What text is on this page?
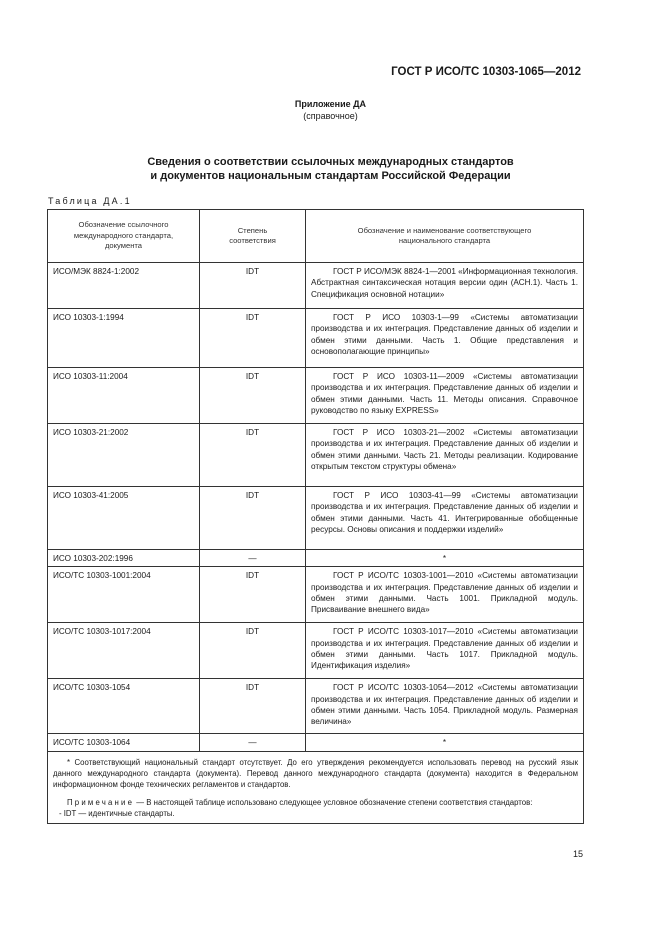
ГОСТ Р ИСО/ТС 10303-1065—2012
Приложение ДА
(справочное)
Сведения о соответствии ссылочных международных стандартов
и документов национальным стандартам Российской Федерации
Таблица ДА.1
Обозначение ссылочного международного стандарта, документа	Степень соответствия	Обозначение и наименование соответствующего национального стандарта
ИСО/МЭК 8824-1:2002	IDT	ГОСТ Р ИСО/МЭК 8824-1—2001 «Информационная технология. Абстрактная синтаксическая нотация версии один (АСН.1). Часть 1. Спецификация основной нотации»

ИСО 10303-1:1994	IDT	ГОСТ Р ИСО 10303-1—99 «Системы автоматизации производства и их интеграция. Представление данных об изделии и обмен этими данными. Часть 1. Общие представления и основополагающие принципы»

ИСО 10303-11:2004	IDT	ГОСТ Р ИСО 10303-11—2009 «Системы автоматизации производства и их интеграция. Представление данных об изделии и обмен этими данными. Часть 11. Методы описания. Справочное руководство по языку EXPRESS»

ИСО 10303-21:2002	IDT	ГОСТ Р ИСО 10303-21—2002 «Системы автоматизации производства и их интеграция. Представление данных об изделии и обмен этими данными. Часть 21. Методы реализации. Кодирование открытым текстом структуры обмена»

ИСО 10303-41:2005	IDT	ГОСТ Р ИСО 10303-41—99 «Системы автоматизации производства и их интеграция. Представление данных об изделии и обмен этими данными. Часть 41. Интегрированные обобщенные ресурсы. Основы описания и поддержки изделий»

ИСО 10303-202:1996	—	*

ИСО/ТС 10303-1001:2004	IDT	ГОСТ Р ИСО/ТС 10303-1001—2010 «Системы автоматизации производства и их интеграция. Представление данных об изделии и обмен этими данными. Часть 1001. Прикладной модуль. Присваивание внешнего вида»

ИСО/ТС 10303-1017:2004	IDT	ГОСТ Р ИСО/ТС 10303-1017—2010 «Системы автоматизации производства и их интеграция. Представление данных об изделии и обмен этими данными. Часть 1017. Прикладной модуль. Идентификация изделия»

ИСО/ТС 10303-1054	IDT	ГОСТ Р ИСО/ТС 10303-1054—2012 «Системы автоматизации производства и их интеграция. Представление данных об изделии и обмен этими данными. Часть 1054. Прикладной модуль. Размерная величина»

ИСО/ТС 10303-1064	—	*

* Соответствующий национальный стандарт отсутствует. До его утверждения рекомендуется использовать перевод на русский язык данного международного стандарта (документа). Перевод данного международного стандарта (документа) находится в Федеральном информационном фонде технических регламентов и стандартов.

Примечание — В настоящей таблице использовано следующее условное обозначение степени соответствия стандартов:

- IDT — идентичные стандарты.		

15
